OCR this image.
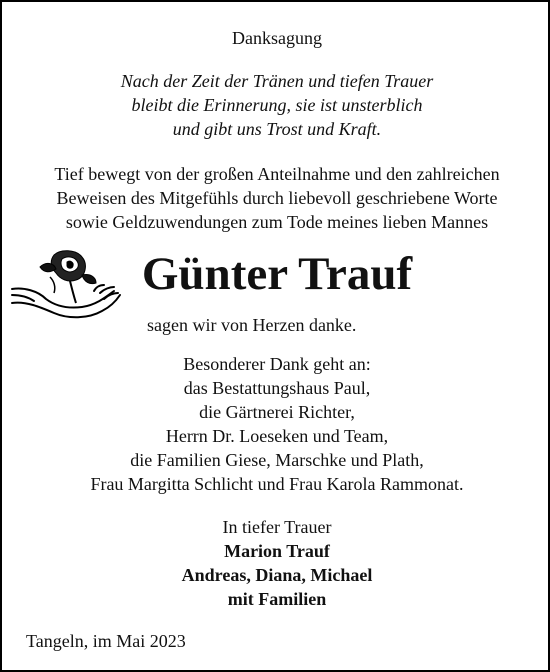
Danksagung
Nach der Zeit der Tränen und tiefen Trauer
bleibt die Erinnerung, sie ist unsterblich
und gibt uns Trost und Kraft.
Tief bewegt von der großen Anteilnahme und den zahlreichen
Beweisen des Mitgefühls durch liebevoll geschriebene Worte
sowie Geldzuwendungen zum Tode meines lieben Mannes
Günter Trauf
sagen wir von Herzen danke.
Besonderer Dank geht an:
das Bestattungshaus Paul,
die Gärtnerei Richter,
Herrn Dr. Loeseken und Team,
die Familien Giese, Marschke und Plath,
Frau Margitta Schlicht und Frau Karola Rammonat.
In tiefer Trauer
Marion Trauf
Andreas, Diana, Michael
mit Familien
Tangeln, im Mai 2023
